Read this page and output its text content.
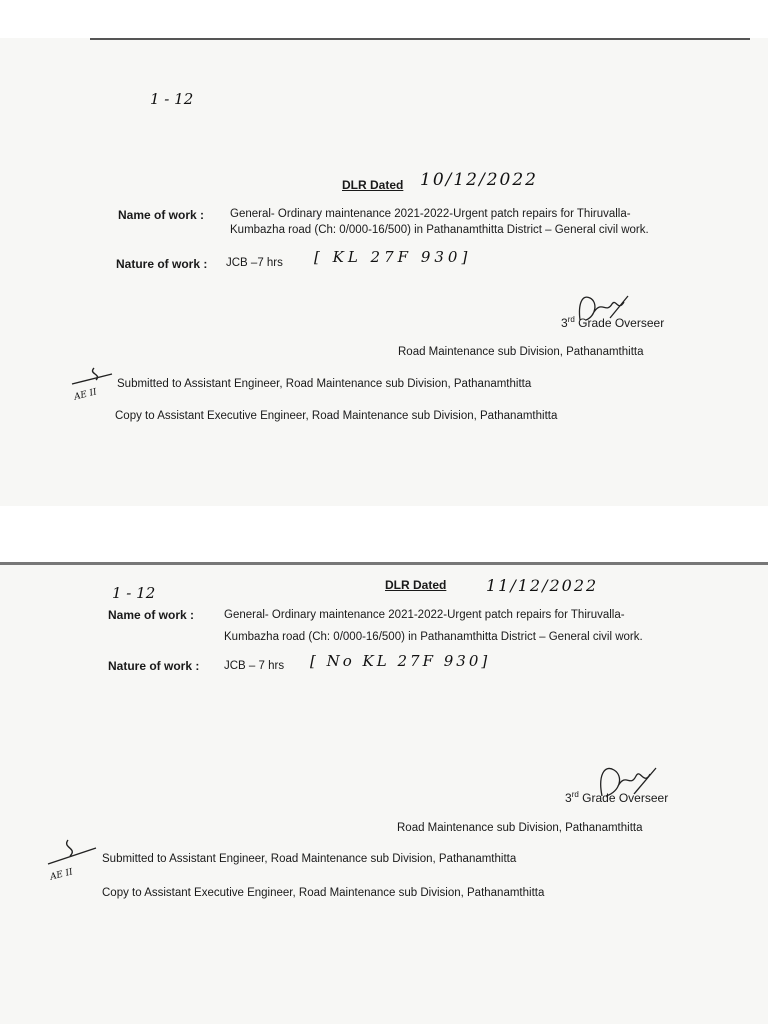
1 - 12
DLR Dated 10/12/2022
Name of work : General- Ordinary maintenance 2021-2022-Urgent patch repairs for Thiruvalla-
Kumbazha road (Ch: 0/000-16/500) in Pathanamthitta District – General civil work.
Nature of work : JCB –7 hrs [ KL 27F 930]
3rd Grade Overseer
Road Maintenance sub Division, Pathanamthitta
AE II
Submitted to Assistant Engineer, Road Maintenance sub Division, Pathanamthitta
Copy to Assistant Executive Engineer, Road Maintenance sub Division, Pathanamthitta
1 - 12	DLR Dated 11/12/2022
Name of work :	General- Ordinary maintenance 2021-2022-Urgent patch repairs for Thiruvalla-
Kumbazha road (Ch: 0/000-16/500) in Pathanamthitta District – General civil work.
Nature of work : JCB – 7 hrs [ No KL 27F 930]
3rd Grade Overseer
Road Maintenance sub Division, Pathanamthitta
AE II
Submitted to Assistant Engineer, Road Maintenance sub Division, Pathanamthitta
Copy to Assistant Executive Engineer, Road Maintenance sub Division, Pathanamthitta
